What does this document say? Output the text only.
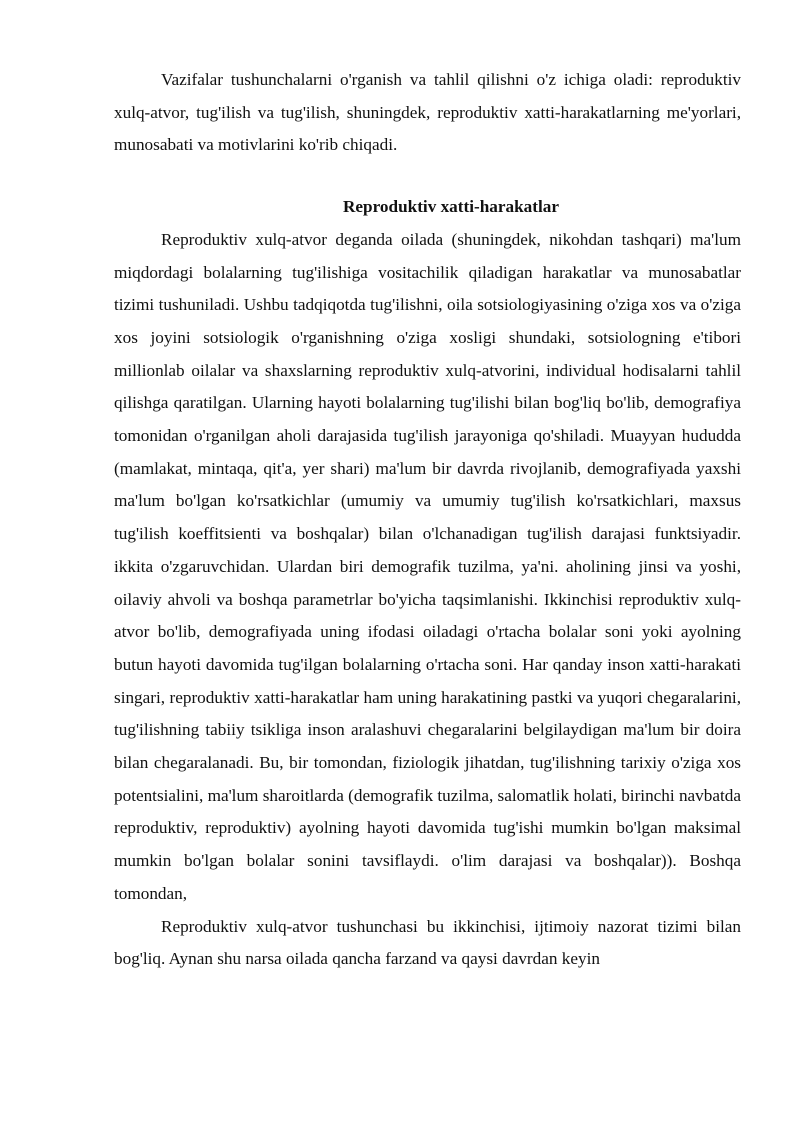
Vazifalar tushunchalarni o'rganish va tahlil qilishni o'z ichiga oladi: reproduktiv xulq-atvor, tug'ilish va tug'ilish, shuningdek, reproduktiv xatti-harakatlarning me'yorlari, munosabati va motivlarini ko'rib chiqadi.

Reproduktiv xatti-harakatlar

Reproduktiv xulq-atvor deganda oilada (shuningdek, nikohdan tashqari) ma'lum miqdordagi bolalarning tug'ilishiga vositachilik qiladigan harakatlar va munosabatlar tizimi tushuniladi. Ushbu tadqiqotda tug'ilishni, oila sotsiologiyasining o'ziga xos va o'ziga xos joyini sotsiologik o'rganishning o'ziga xosligi shundaki, sotsiologning e'tibori millionlab oilalar va shaxslarning reproduktiv xulq-atvorini, individual hodisalarni tahlil qilishga qaratilgan. Ularning hayoti bolalarning tug'ilishi bilan bog'liq bo'lib, demografiya tomonidan o'rganilgan aholi darajasida tug'ilish jarayoniga qo'shiladi. Muayyan hududda (mamlakat, mintaqa, qit'a, yer shari) ma'lum bir davrda rivojlanib, demografiyada yaxshi ma'lum bo'lgan ko'rsatkichlar (umumiy va umumiy tug'ilish ko'rsatkichlari, maxsus tug'ilish koeffitsienti va boshqalar) bilan o'lchanadigan tug'ilish darajasi funktsiyadir. ikkita o'zgaruvchidan. Ulardan biri demografik tuzilma, ya'ni. aholining jinsi va yoshi, oilaviy ahvoli va boshqa parametrlar bo'yicha taqsimlanishi. Ikkinchisi reproduktiv xulq-atvor bo'lib, demografiyada uning ifodasi oiladagi o'rtacha bolalar soni yoki ayolning butun hayoti davomida tug'ilgan bolalarning o'rtacha soni. Har qanday inson xatti-harakati singari, reproduktiv xatti-harakatlar ham uning harakatining pastki va yuqori chegaralarini, tug'ilishning tabiiy tsikliga inson aralashuvi chegaralarini belgilaydigan ma'lum bir doira bilan chegaralanadi. Bu, bir tomondan, fiziologik jihatdan, tug'ilishning tarixiy o'ziga xos potentsialini, ma'lum sharoitlarda (demografik tuzilma, salomatlik holati, birinchi navbatda reproduktiv, reproduktiv) ayolning hayoti davomida tug'ishi mumkin bo'lgan maksimal mumkin bo'lgan bolalar sonini tavsiflaydi. o'lim darajasi va boshqalar)). Boshqa tomondan,

Reproduktiv xulq-atvor tushunchasi bu ikkinchisi, ijtimoiy nazorat tizimi bilan bog'liq. Aynan shu narsa oilada qancha farzand va qaysi davrdan keyin
